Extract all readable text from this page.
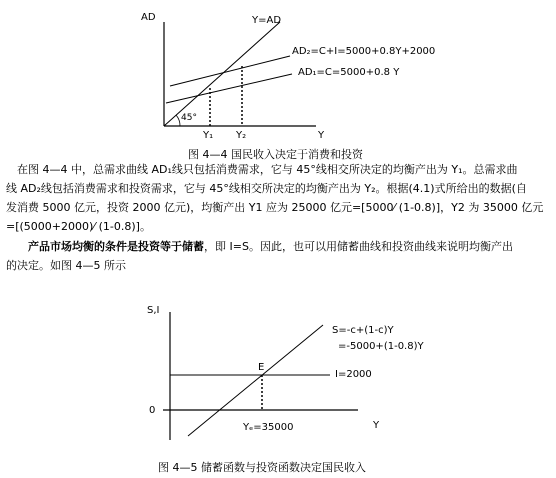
AD
Y
Y=AD
AD₂=C+I=5000+0.8Y+2000
AD₁=C=5000+0.8 Y
45°
Y₁ Y₂
图 4—4 国民收入决定于消费和投资
　在图 4—4 中，总需求曲线 AD₁线只包括消费需求，它与 45°线相交所决定的均衡产出为 Y₁。总需求曲
线 AD₂线包括消费需求和投资需求，它与 45°线相交所决定的均衡产出为 Y₂。根据(4.1)式所给出的数据(自
发消费 5000 亿元，投资 2000 亿元)，均衡产出 Y1 应为 25000 亿元=[5000⁄ (1-0.8)]，Y2 为 35000 亿元
=[(5000+2000)⁄ (1-0.8)]。
产品市场均衡的条件是投资等于储蓄，即 I=S。因此，也可以用储蓄曲线和投资曲线来说明均衡产出
的决定。如图 4—5 所示
S,I
Y
0
S=-c+(1-c)Y
=-5000+(1-0.8)Y
I=2000
E
Yₑ=35000
图 4—5 储蓄函数与投资函数决定国民收入
